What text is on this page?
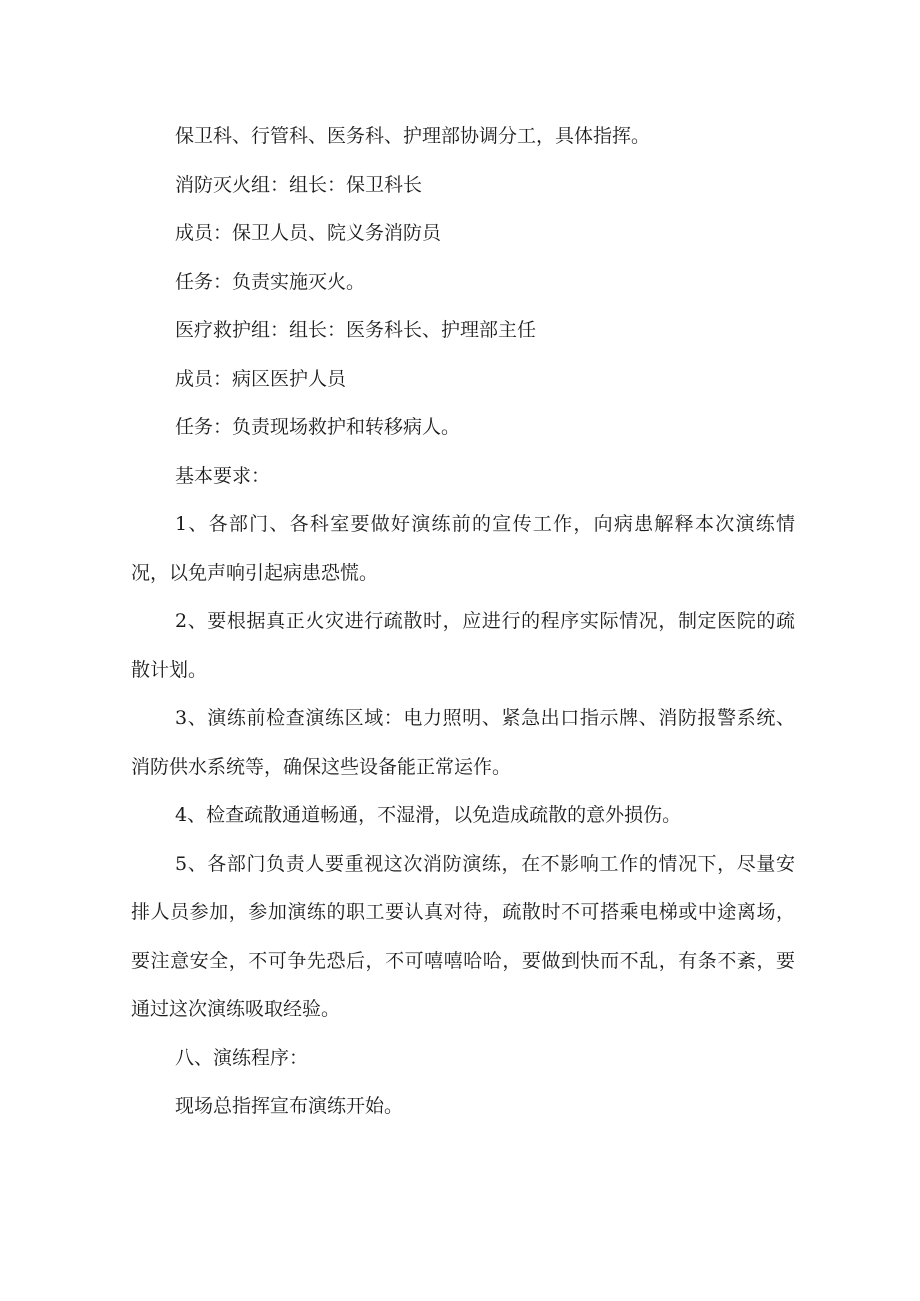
保卫科、行管科、医务科、护理部协调分工，具体指挥。

消防灭火组：组长：保卫科长

成员：保卫人员、院义务消防员

任务：负责实施灭火。

医疗救护组：组长：医务科长、护理部主任

成员：病区医护人员

任务：负责现场救护和转移病人。

基本要求：

1、各部门、各科室要做好演练前的宣传工作，向病患解释本次演练情况，以免声响引起病患恐慌。

2、要根据真正火灾进行疏散时，应进行的程序实际情况，制定医院的疏散计划。

3、演练前检查演练区域：电力照明、紧急出口指示牌、消防报警系统、消防供水系统等，确保这些设备能正常运作。

4、检查疏散通道畅通，不湿滑，以免造成疏散的意外损伤。

5、各部门负责人要重视这次消防演练，在不影响工作的情况下，尽量安排人员参加，参加演练的职工要认真对待，疏散时不可搭乘电梯或中途离场，要注意安全，不可争先恐后，不可嘻嘻哈哈，要做到快而不乱，有条不紊，要通过这次演练吸取经验。

八、演练程序：

现场总指挥宣布演练开始。
